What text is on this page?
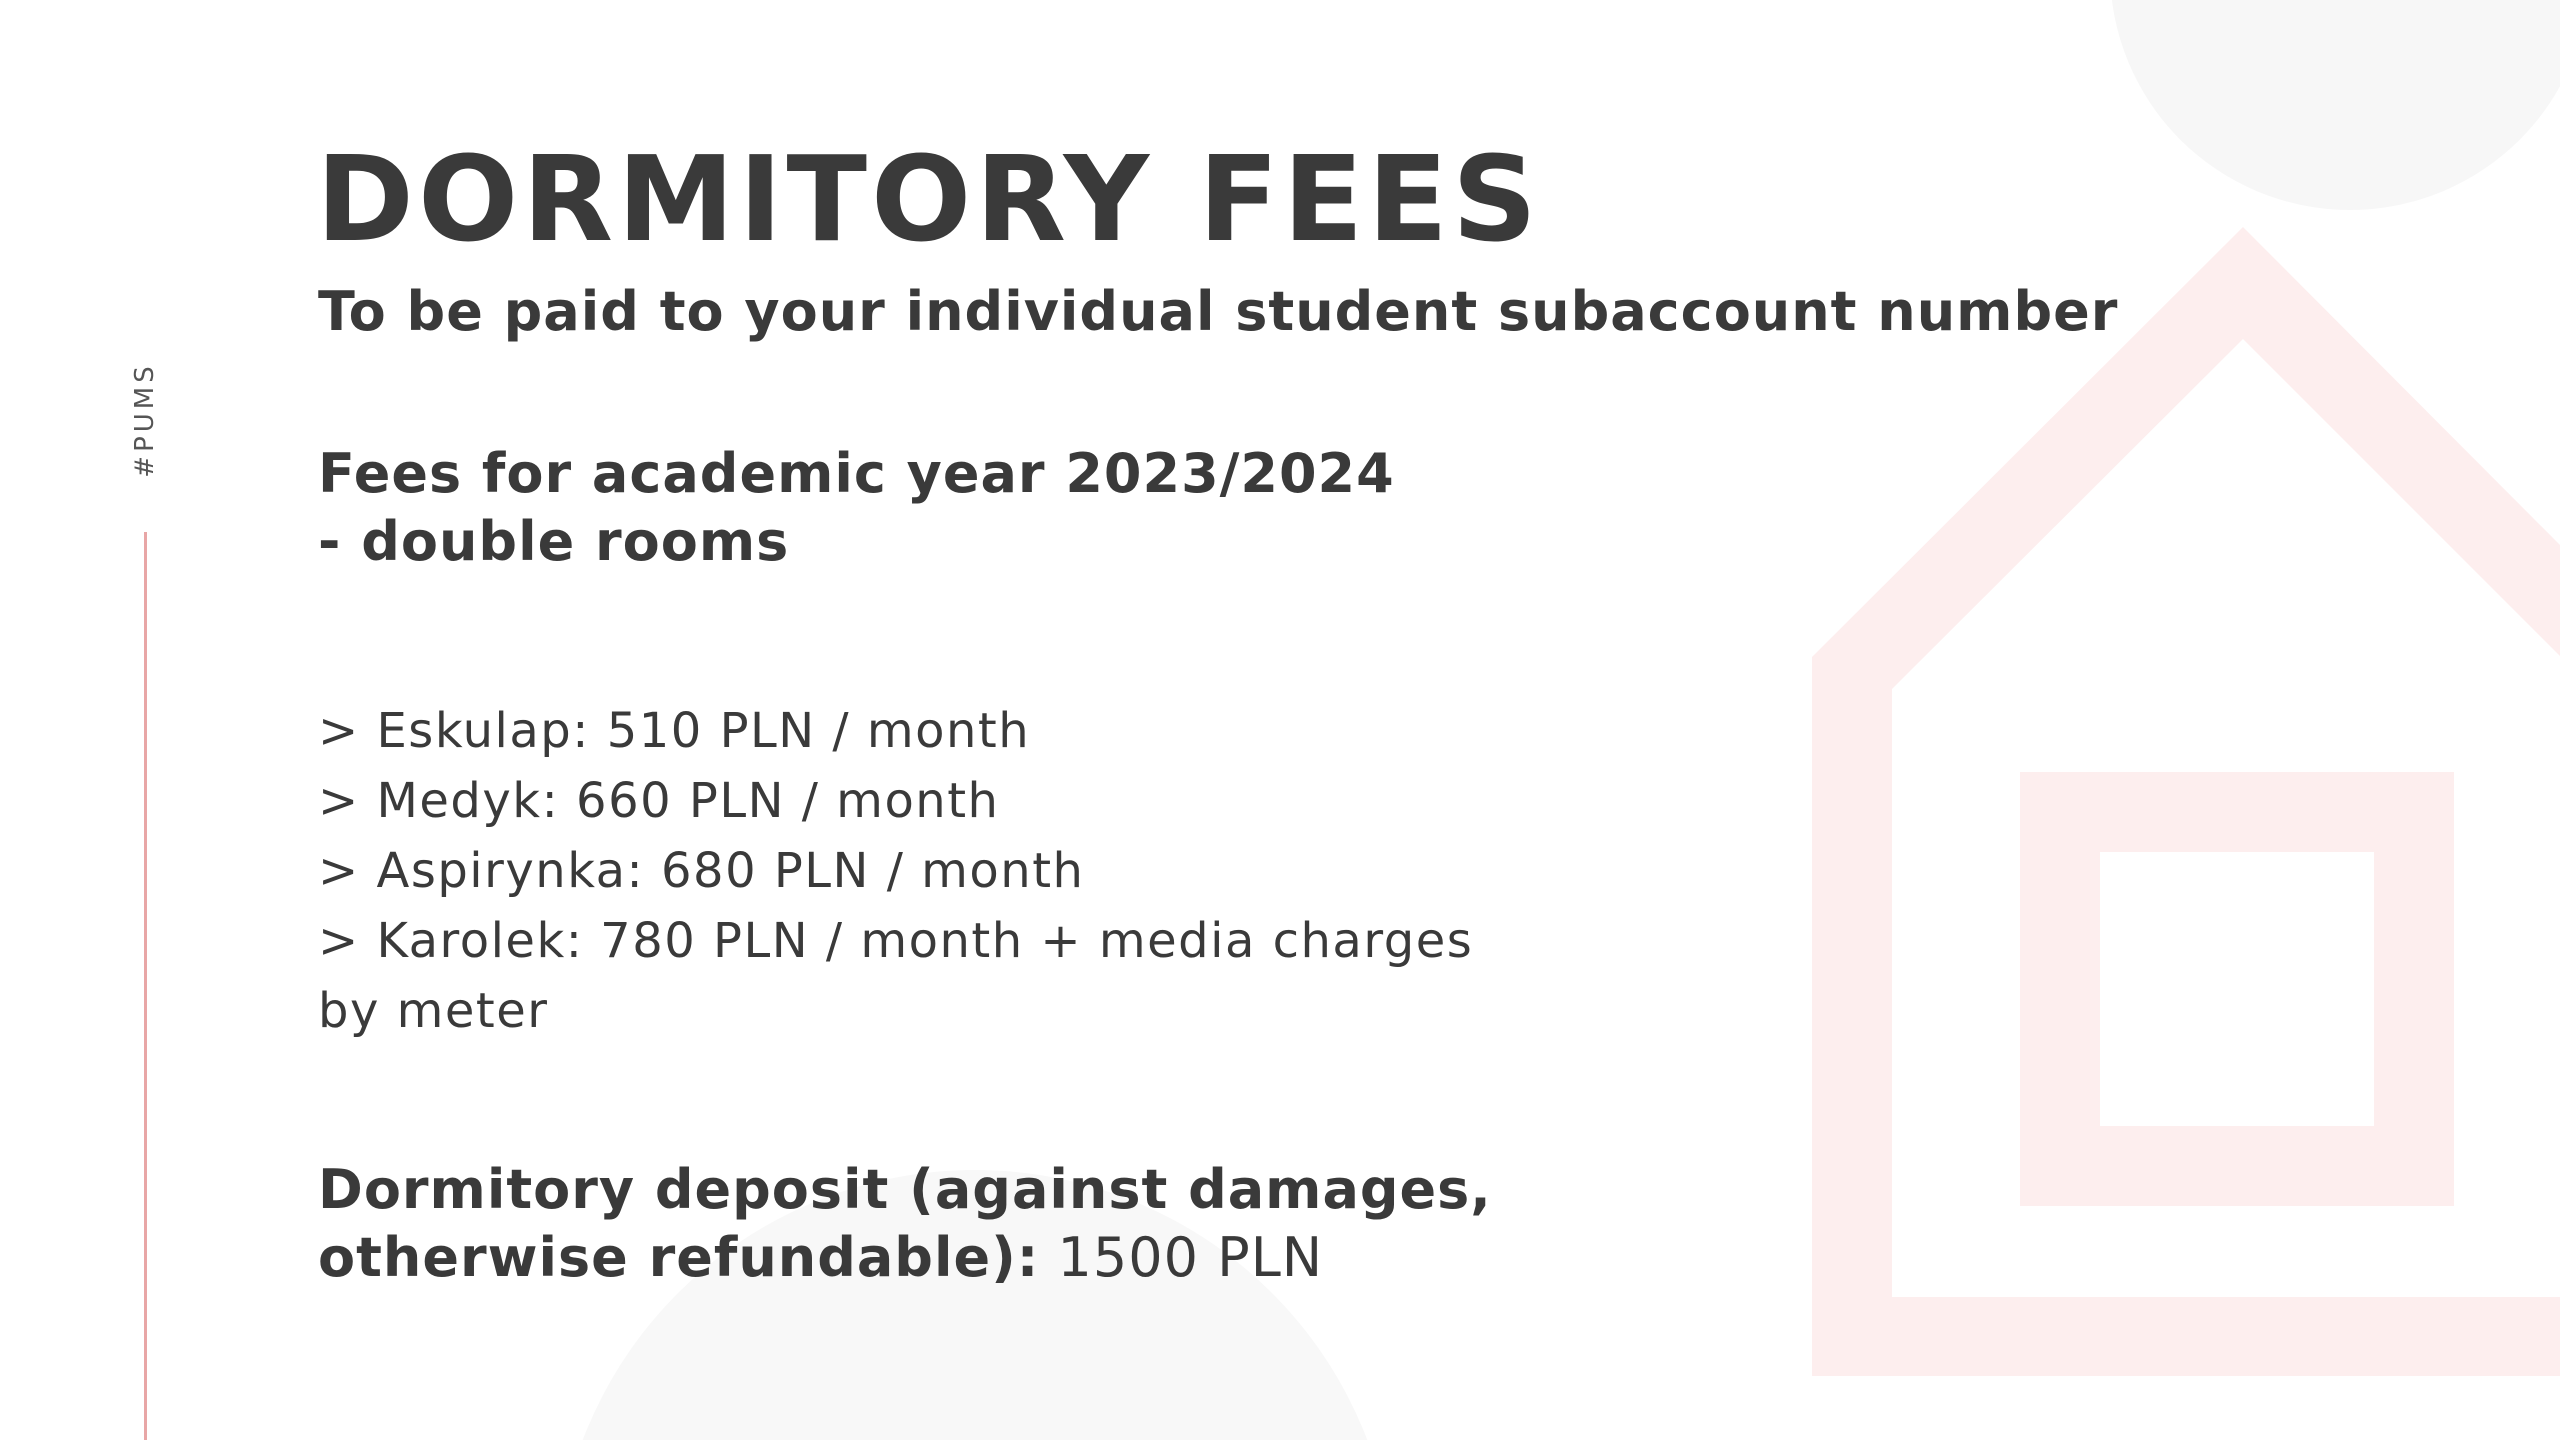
#PUMS
DORMITORY FEES

To be paid to your individual student subaccount number

Fees for academic year 2023/2024
- double rooms
> Eskulap: 510 PLN / month
> Medyk: 660 PLN / month
> Aspirynka: 680 PLN / month
> Karolek: 780 PLN / month + media charges
by meter

Dormitory deposit (against damages,
otherwise refundable): 1500 PLN
